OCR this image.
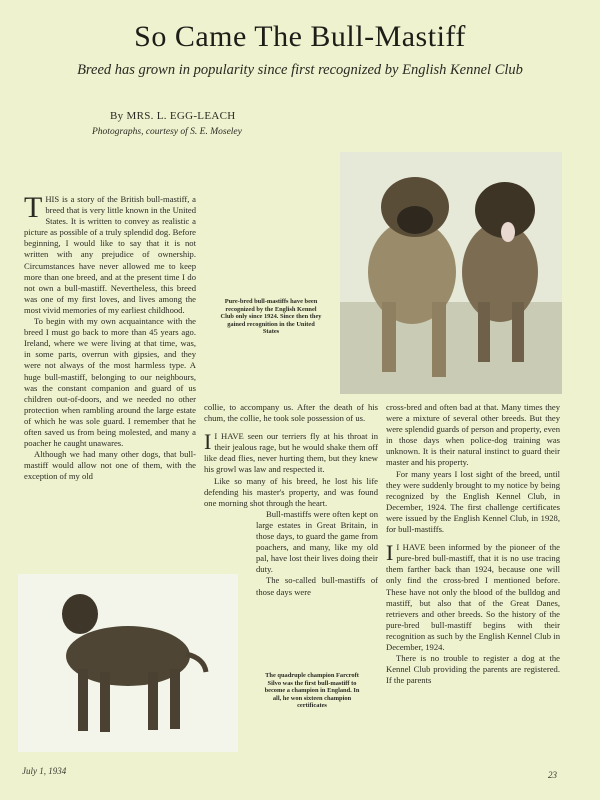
So Came The Bull-Mastiff
Breed has grown in popularity since first recognized by English Kennel Club
By MRS. L. EGG-LEACH
Photographs, courtesy of S. E. Moseley
Pure-bred bull-mastiffs have been recognized by the English Kennel Club only since 1924. Since then they gained recognition in the United States

THIS is a story of the British bull-mastiff, a breed that is very little known in the United States. It is written to convey as realistic a picture as possible of a truly splendid dog. Before beginning, I would like to say that it is not written with any prejudice of ownership. Circumstances have never allowed me to keep more than one breed, and at the present time I do not own a bull-mastiff. Nevertheless, this breed was one of my first loves, and lives among the most vivid memories of my earliest childhood.

To begin with my own acquaintance with the breed I must go back to more than 45 years ago. Ireland, where we were living at that time, was, in some parts, overrun with gipsies, and they were not always of the most harmless type. A huge bull-mastiff, belonging to our neighbours, was the constant companion and guard of us children out-of-doors, and we needed no other protection when rambling around the large estate of which he was sole guard. I remember that he often saved us from being molested, and many a poacher he caught unawares.

Although we had many other dogs, that bull-mastiff would allow not one of them, with the exception of my old

collie, to accompany us. After the death of his chum, the collie, he took sole possession of us.

I I HAVE seen our terriers fly at his throat in their jealous rage, but he would shake them off like dead flies, never hurting them, but they knew his growl was law and respected it.

Like so many of his breed, he lost his life defending his master's property, and was found one morning shot through the heart.

Bull-mastiffs were often kept on large estates in Great Britain, in those days, to guard the game from poachers, and many, like my old pal, have lost their lives doing their duty.

The so-called bull-mastiffs of those days were

The quadruple champion Farcroft Silvo was the first bull-mastiff to become a champion in England. In all, he won sixteen champion certificates

cross-bred and often bad at that. Many times they were a mixture of several other breeds. But they were splendid guards of person and property, even in those days when police-dog training was unknown. It is their natural instinct to guard their master and his property.

For many years I lost sight of the breed, until they were suddenly brought to my notice by being recognized by the English Kennel Club, in December, 1924. The first challenge certificates were issued by the English Kennel Club, in 1928, for bull-mastiffs.

I I HAVE been informed by the pioneer of the pure-bred bull-mastiff, that it is no use tracing them farther back than 1924, because one will only find the cross-bred I mentioned before. These have not only the blood of the bulldog and mastiff, but also that of the Great Danes, retrievers and other breeds. So the history of the pure-bred bull-mastiff begins with their recognition as such by the English Kennel Club in December, 1924.

There is no trouble to register a dog at the Kennel Club providing the parents are registered. If the parents

July 1, 1934	23
